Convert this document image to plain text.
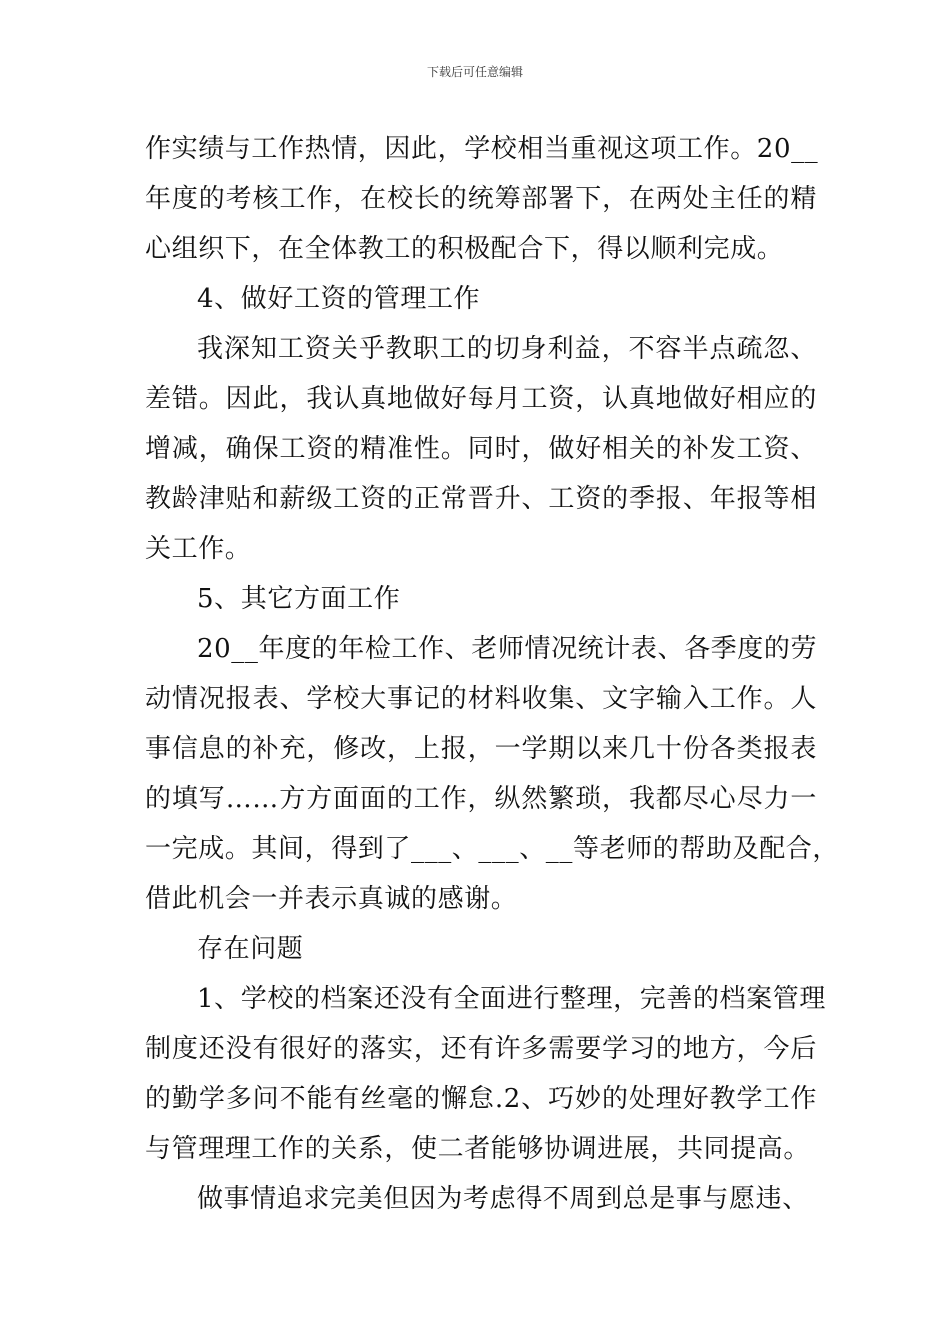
下载后可任意编辑
作实绩与工作热情，因此，学校相当重视这项工作。20__
年度的考核工作，在校长的统筹部署下，在两处主任的精
心组织下，在全体教工的积极配合下，得以顺利完成。
4、做好工资的管理工作
我深知工资关乎教职工的切身利益，不容半点疏忽、
差错。因此，我认真地做好每月工资，认真地做好相应的
增减，确保工资的精准性。同时，做好相关的补发工资、
教龄津贴和薪级工资的正常晋升、工资的季报、年报等相
关工作。
5、其它方面工作
20__年度的年检工作、老师情况统计表、各季度的劳
动情况报表、学校大事记的材料收集、文字输入工作。人
事信息的补充，修改，上报，一学期以来几十份各类报表
的填写……方方面面的工作，纵然繁琐，我都尽心尽力一
一完成。其间，得到了___、___、__等老师的帮助及配合，
借此机会一并表示真诚的感谢。
存在问题
1、学校的档案还没有全面进行整理，完善的档案管理
制度还没有很好的落实，还有许多需要学习的地方，今后
的勤学多问不能有丝毫的懈怠.2、巧妙的处理好教学工作
与管理理工作的关系，使二者能够协调进展，共同提高。
做事情追求完美但因为考虑得不周到总是事与愿违、
